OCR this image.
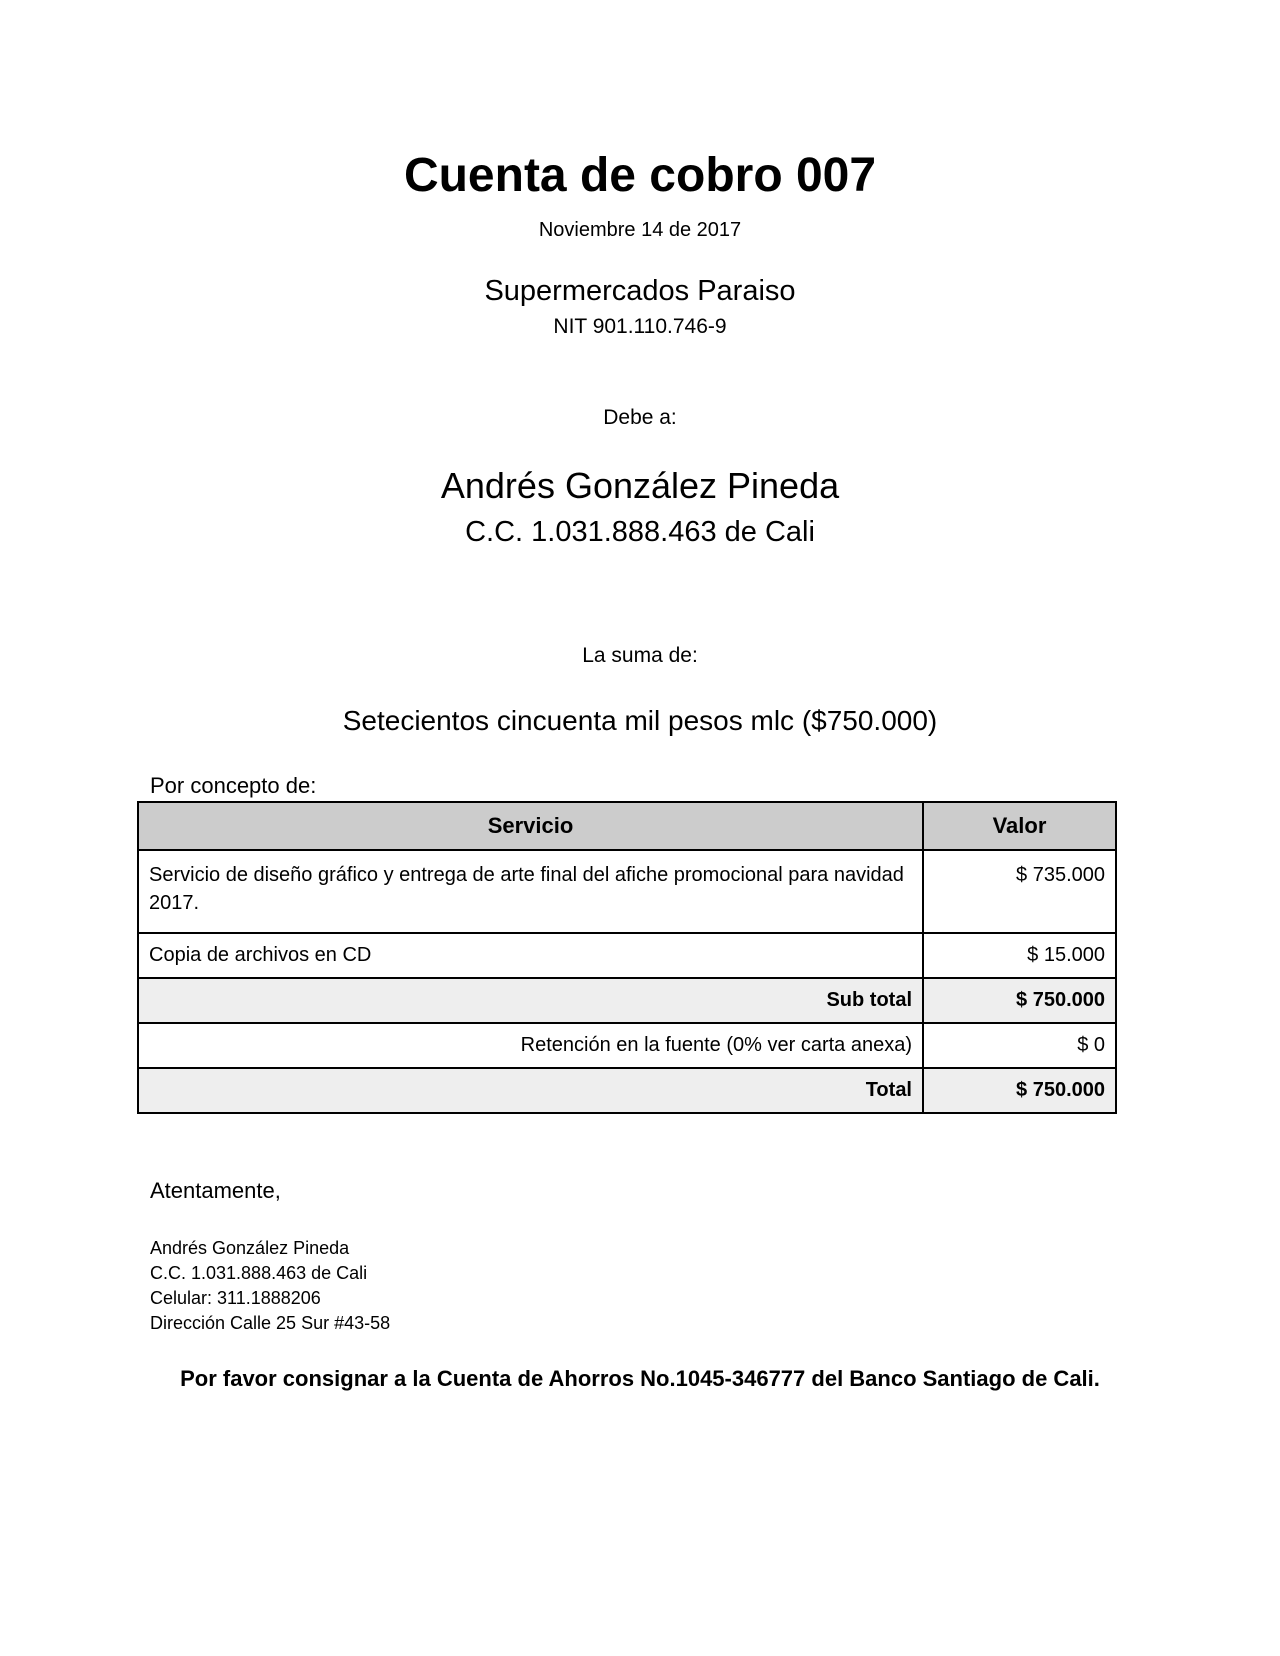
Cuenta de cobro 007
Noviembre 14 de 2017
Supermercados Paraiso
NIT 901.110.746-9
Debe a:
Andrés González Pineda
C.C. 1.031.888.463 de Cali
La suma de:
Setecientos cincuenta mil pesos mlc ($750.000)
Por concepto de:
Servicio	Valor
Servicio de diseño gráfico y entrega de arte final del afiche promocional para navidad 2017.	$ 735.000
Copia de archivos en CD	$ 15.000
Sub total	$ 750.000
Retención en la fuente (0% ver carta anexa)	$ 0
Total	$ 750.000
Atentamente,
Andrés González Pineda
C.C. 1.031.888.463 de Cali
Celular: 311.1888206
Dirección Calle 25 Sur #43-58
Por favor consignar a la Cuenta de Ahorros No.1045-346777 del Banco Santiago de Cali.
